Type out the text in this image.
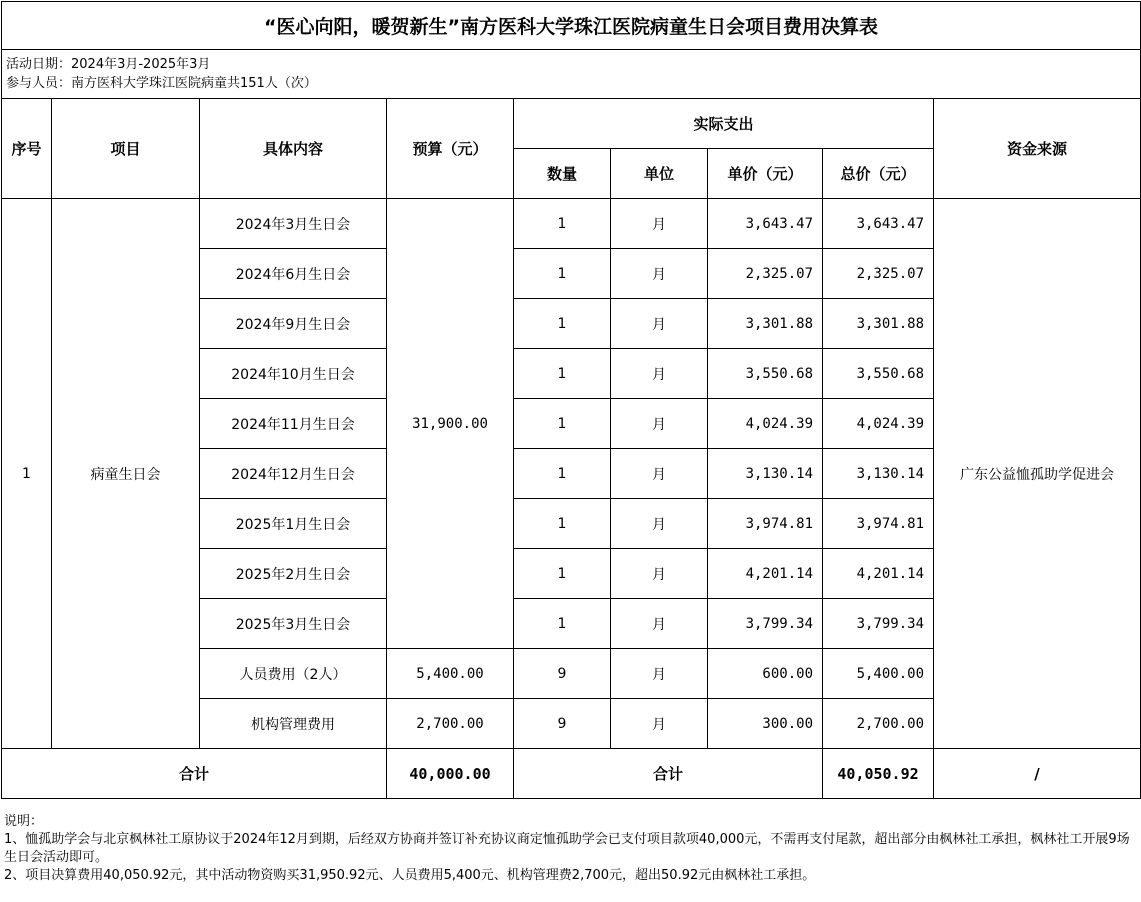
“医心向阳，暖贺新生”南方医科大学珠江医院病童生日会项目费用决算表								

活动日期：2024年3月-2025年3月
参与人员：南方医科大学珠江医院病童共151人（次）								

序号	项目	具体内容	预算（元）	实际支出				资金来源
				数量	单位	单价（元）	总价（元）	
1	病童生日会	2024年3月生日会	31,900.00	1	月	3,643.47	3,643.47	广东公益恤孤助学促进会
		2024年6月生日会		1	月	2,325.07	2,325.07	
		2024年9月生日会		1	月	3,301.88	3,301.88	
		2024年10月生日会		1	月	3,550.68	3,550.68	
		2024年11月生日会		1	月	4,024.39	4,024.39	
		2024年12月生日会		1	月	3,130.14	3,130.14	
		2025年1月生日会		1	月	3,974.81	3,974.81	
		2025年2月生日会		1	月	4,201.14	4,201.14	
		2025年3月生日会		1	月	3,799.34	3,799.34	
		人员费用（2人）	5,400.00	9	月	600.00	5,400.00	
		机构管理费用	2,700.00	9	月	300.00	2,700.00	
合计			40,000.00	合计			40,050.92	/
说明：
1、恤孤助学会与北京枫林社工原协议于2024年12月到期，后经双方协商并签订补充协议商定恤孤助学会已支付项目款项40,000元，不需再支付尾款，超出部分由枫林社工承担，枫林社工开展9场生日会活动即可。
2、项目决算费用40,050.92元，其中活动物资购买31,950.92元、人员费用5,400元、机构管理费2,700元，超出50.92元由枫林社工承担。
